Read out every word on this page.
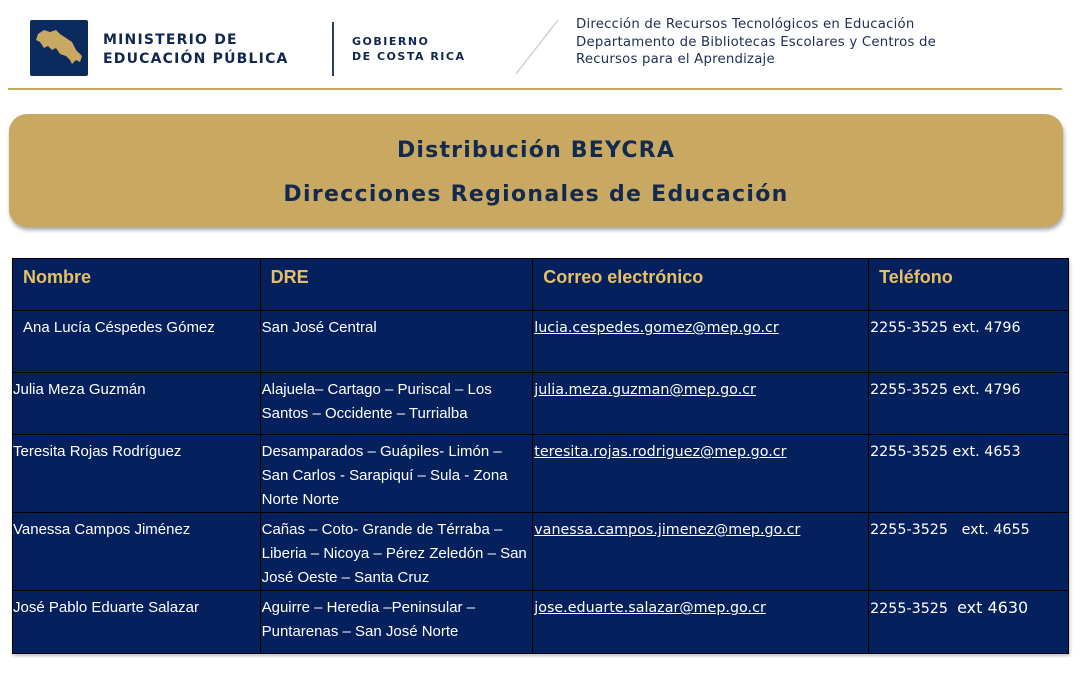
MINISTERIO DE
EDUCACIÓN PÚBLICA
GOBIERNO
DE COSTA RICA
Dirección de Recursos Tecnológicos en Educación
Departamento de Bibliotecas Escolares y Centros de
Recursos para el Aprendizaje
Distribución BEYCRA
Direcciones Regionales de Educación
Nombre	DRE	Correo electrónico	Teléfono
Ana Lucía Céspedes Gómez	San José Central	lucia.cespedes.gomez@mep.go.cr	2255-3525 ext. 4796
Julia Meza Guzmán	Alajuela– Cartago – Puriscal – Los Santos – Occidente – Turrialba	julia.meza.guzman@mep.go.cr	2255-3525 ext. 4796
Teresita Rojas Rodríguez	Desamparados – Guápiles- Limón – San Carlos - Sarapiquí – Sula - Zona Norte Norte	teresita.rojas.rodriguez@mep.go.cr	2255-3525 ext. 4653
Vanessa Campos Jiménez	Cañas – Coto- Grande de Térraba – Liberia – Nicoya – Pérez Zeledón – San José Oeste – Santa Cruz	vanessa.campos.jimenez@mep.go.cr	2255-3525   ext. 4655
José Pablo Eduarte Salazar	Aguirre – Heredia –Peninsular – Puntarenas – San José Norte	jose.eduarte.salazar@mep.go.cr	2255-3525  ext 4630
